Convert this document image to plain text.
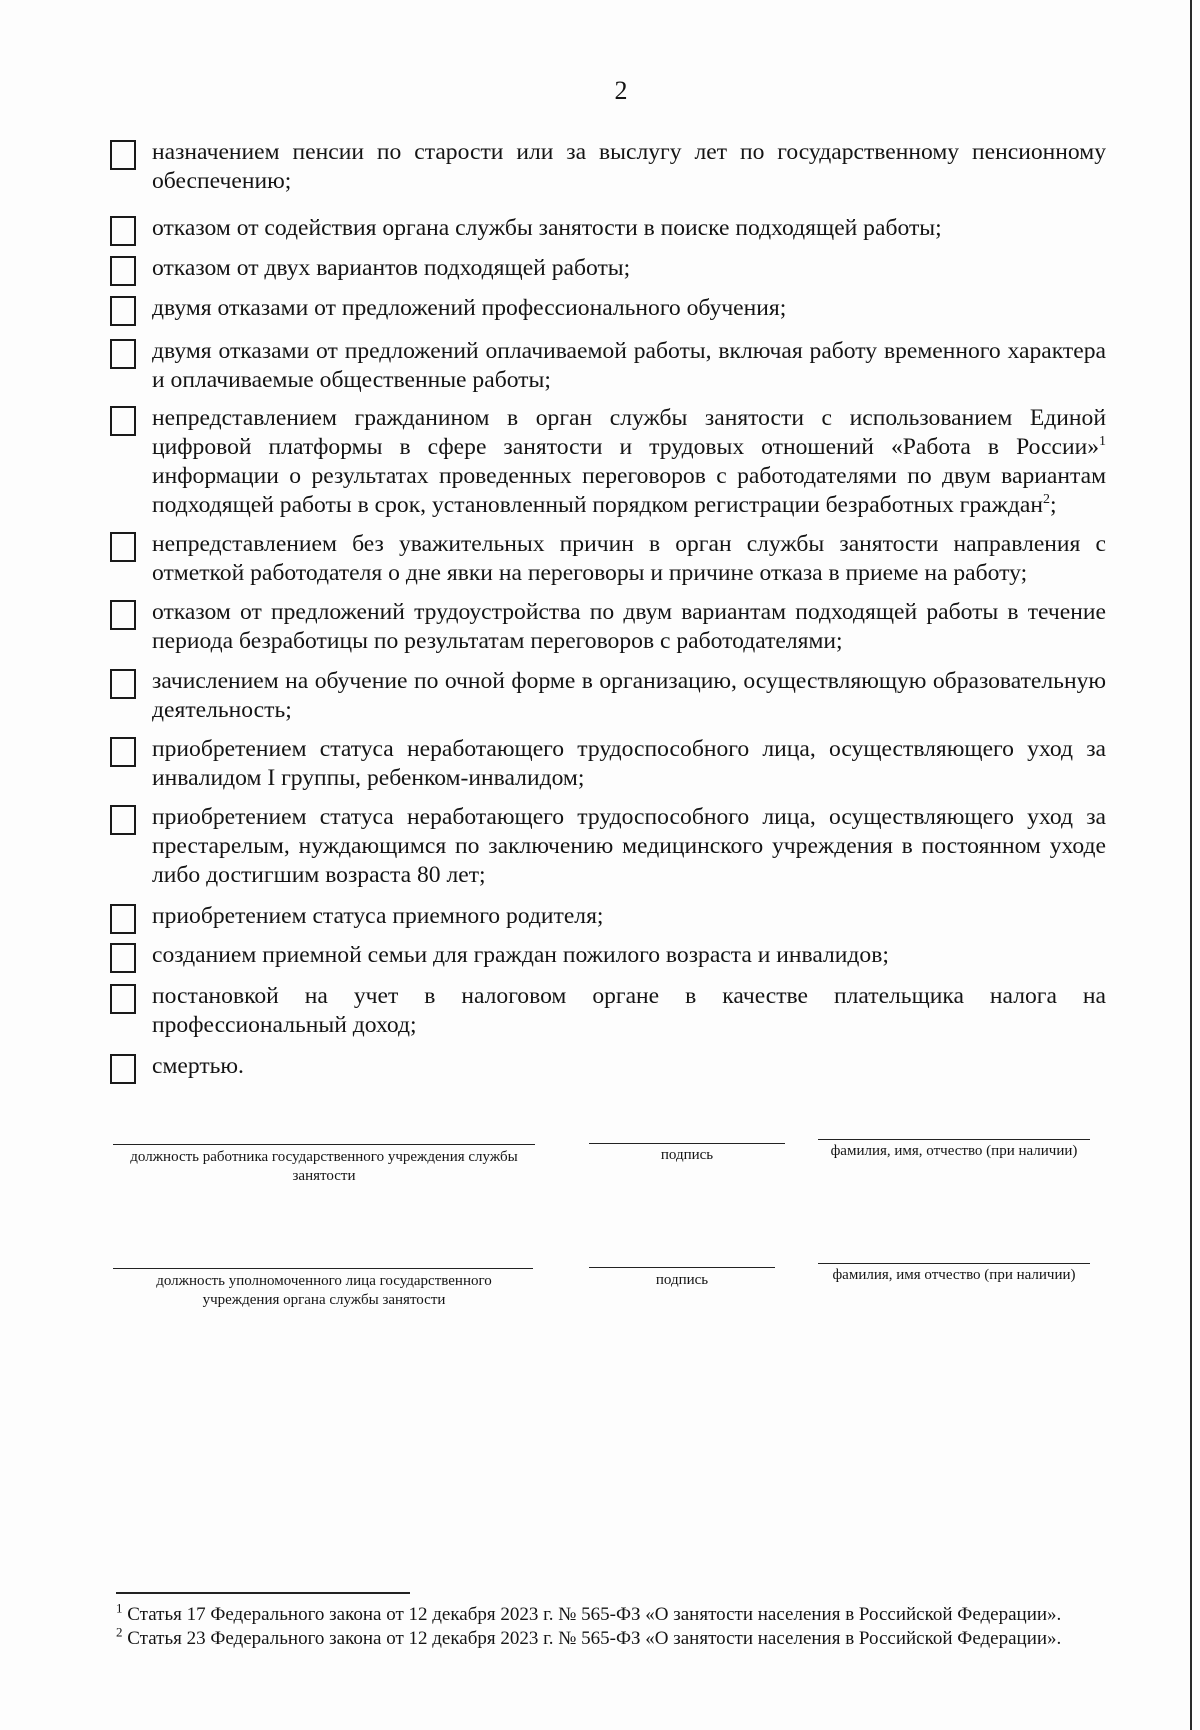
2
назначением пенсии по старости или за выслугу лет по государственному пенсионному обеспечению;
отказом от содействия органа службы занятости в поиске подходящей работы;
отказом от двух вариантов подходящей работы;
двумя отказами от предложений профессионального обучения;
двумя отказами от предложений оплачиваемой работы, включая работу временного характера и оплачиваемые общественные работы;
непредставлением гражданином в орган службы занятости с использованием Единой цифровой платформы в сфере занятости и трудовых отношений «Работа в России»$^1$ информации о результатах проведенных переговоров с работодателями по двум вариантам подходящей работы в срок, установленный порядком регистрации безработных граждан$^2$;
непредставлением без уважительных причин в орган службы занятости направления с отметкой работодателя о дне явки на переговоры и причине отказа в приеме на работу;
отказом от предложений трудоустройства по двум вариантам подходящей работы в течение периода безработицы по результатам переговоров с работодателями;
зачислением на обучение по очной форме в организацию, осуществляющую образовательную деятельность;
приобретением статуса неработающего трудоспособного лица, осуществляющего уход за инвалидом I группы, ребенком-инвалидом;
приобретением статуса неработающего трудоспособного лица, осуществляющего уход за престарелым, нуждающимся по заключению медицинского учреждения в постоянном уходе либо достигшим возраста 80 лет;
приобретением статуса приемного родителя;
созданием приемной семьи для граждан пожилого возраста и инвалидов;
постановкой на учет в налоговом органе в качестве плательщика налога на профессиональный доход;
смертью.
должность работника государственного учреждения службы занятости
подпись	фамилия, имя, отчество (при наличии)
должность уполномоченного лица государственного учреждения органа службы занятости
подпись	фамилия, имя отчество (при наличии)
$^1$ Статья 17 Федерального закона от 12 декабря 2023 г. № 565-ФЗ «О занятости населения в Российской Федерации».
$^2$ Статья 23 Федерального закона от 12 декабря 2023 г. № 565-ФЗ «О занятости населения в Российской Федерации».
